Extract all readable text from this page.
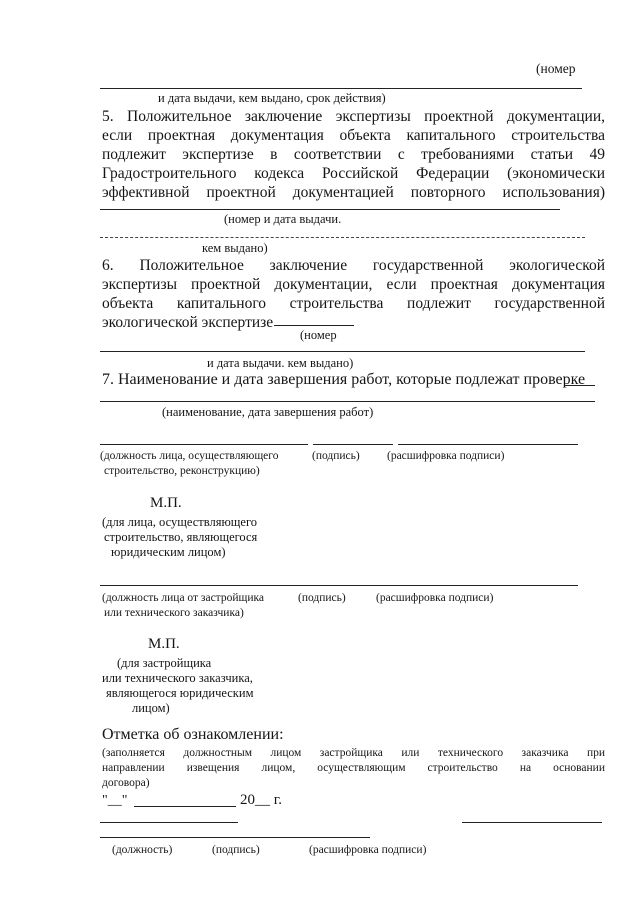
(номер
и дата выдачи, кем выдано, срок действия)
5. Положительное заключение экспертизы проектной документации,
если проектная документация объекта капитального строительства
подлежит экспертизе в соответствии с требованиями статьи 49
Градостроительного кодекса Российской Федерации (экономически
эффективной проектной документацией повторного использования)
(номер и дата выдачи.
кем выдано)
6. Положительное заключение государственной экологической
экспертизы проектной документации, если проектная документация
объекта капитального строительства подлежит государственной
экологической экспертизе
(номер
и дата выдачи. кем выдано)
7. Наименование и дата завершения работ, которые подлежат проверке
(наименование, дата завершения работ)
(должность лица, осуществляющего	(подпись) (расшифровка подписи)
строительство, реконструкцию)
М.П.
(для лица, осуществляющего
строительство, являющегося
юридическим лицом)
(должность лица от застройщика	(подпись)	(расшифровка подписи)
или технического заказчика)
М.П.
(для застройщика
или технического заказчика,
являющегося юридическим
лицом)
Отметка об ознакомлении:
(заполняется должностным лицом застройщика или технического заказчика при
направлении извещения лицом, осуществляющим строительство на основании
договора)
"__"	20__ г.
(должность)	(подпись)	(расшифровка подписи)
